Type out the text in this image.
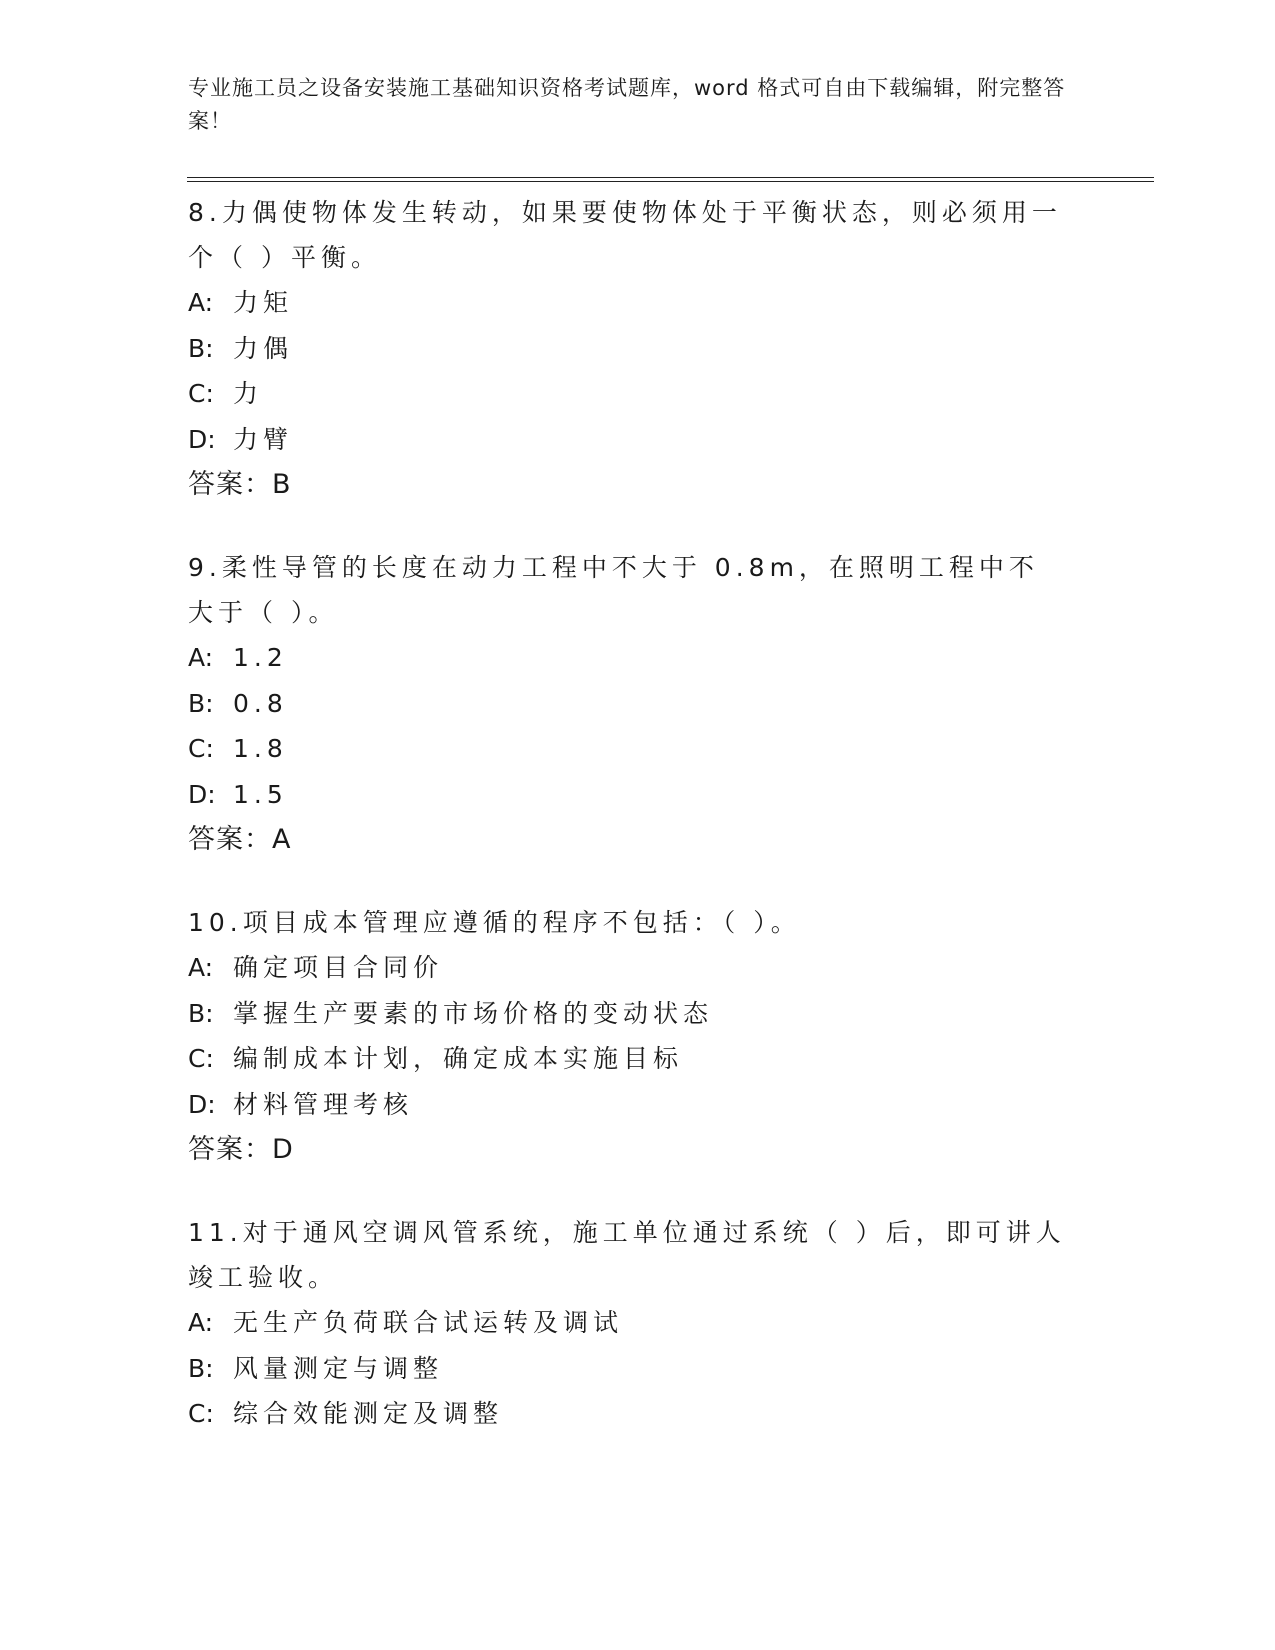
专业施工员之设备安装施工基础知识资格考试题库，word 格式可自由下载编辑，附完整答案！

8.力偶使物体发生转动，如果要使物体处于平衡状态，则必须用一个（ ）平衡。

A: 力矩

B: 力偶

C: 力

D: 力臂

答案：B

9.柔性导管的长度在动力工程中不大于 0.8m，在照明工程中不大于（ ）。

A: 1.2

B: 0.8

C: 1.8

D: 1.5

答案：A

10.项目成本管理应遵循的程序不包括：（ ）。

A: 确定项目合同价

B: 掌握生产要素的市场价格的变动状态

C: 编制成本计划，确定成本实施目标

D: 材料管理考核

答案：D

11.对于通风空调风管系统，施工单位通过系统（ ）后，即可讲人竣工验收。

A: 无生产负荷联合试运转及调试

B: 风量测定与调整

C: 综合效能测定及调整
